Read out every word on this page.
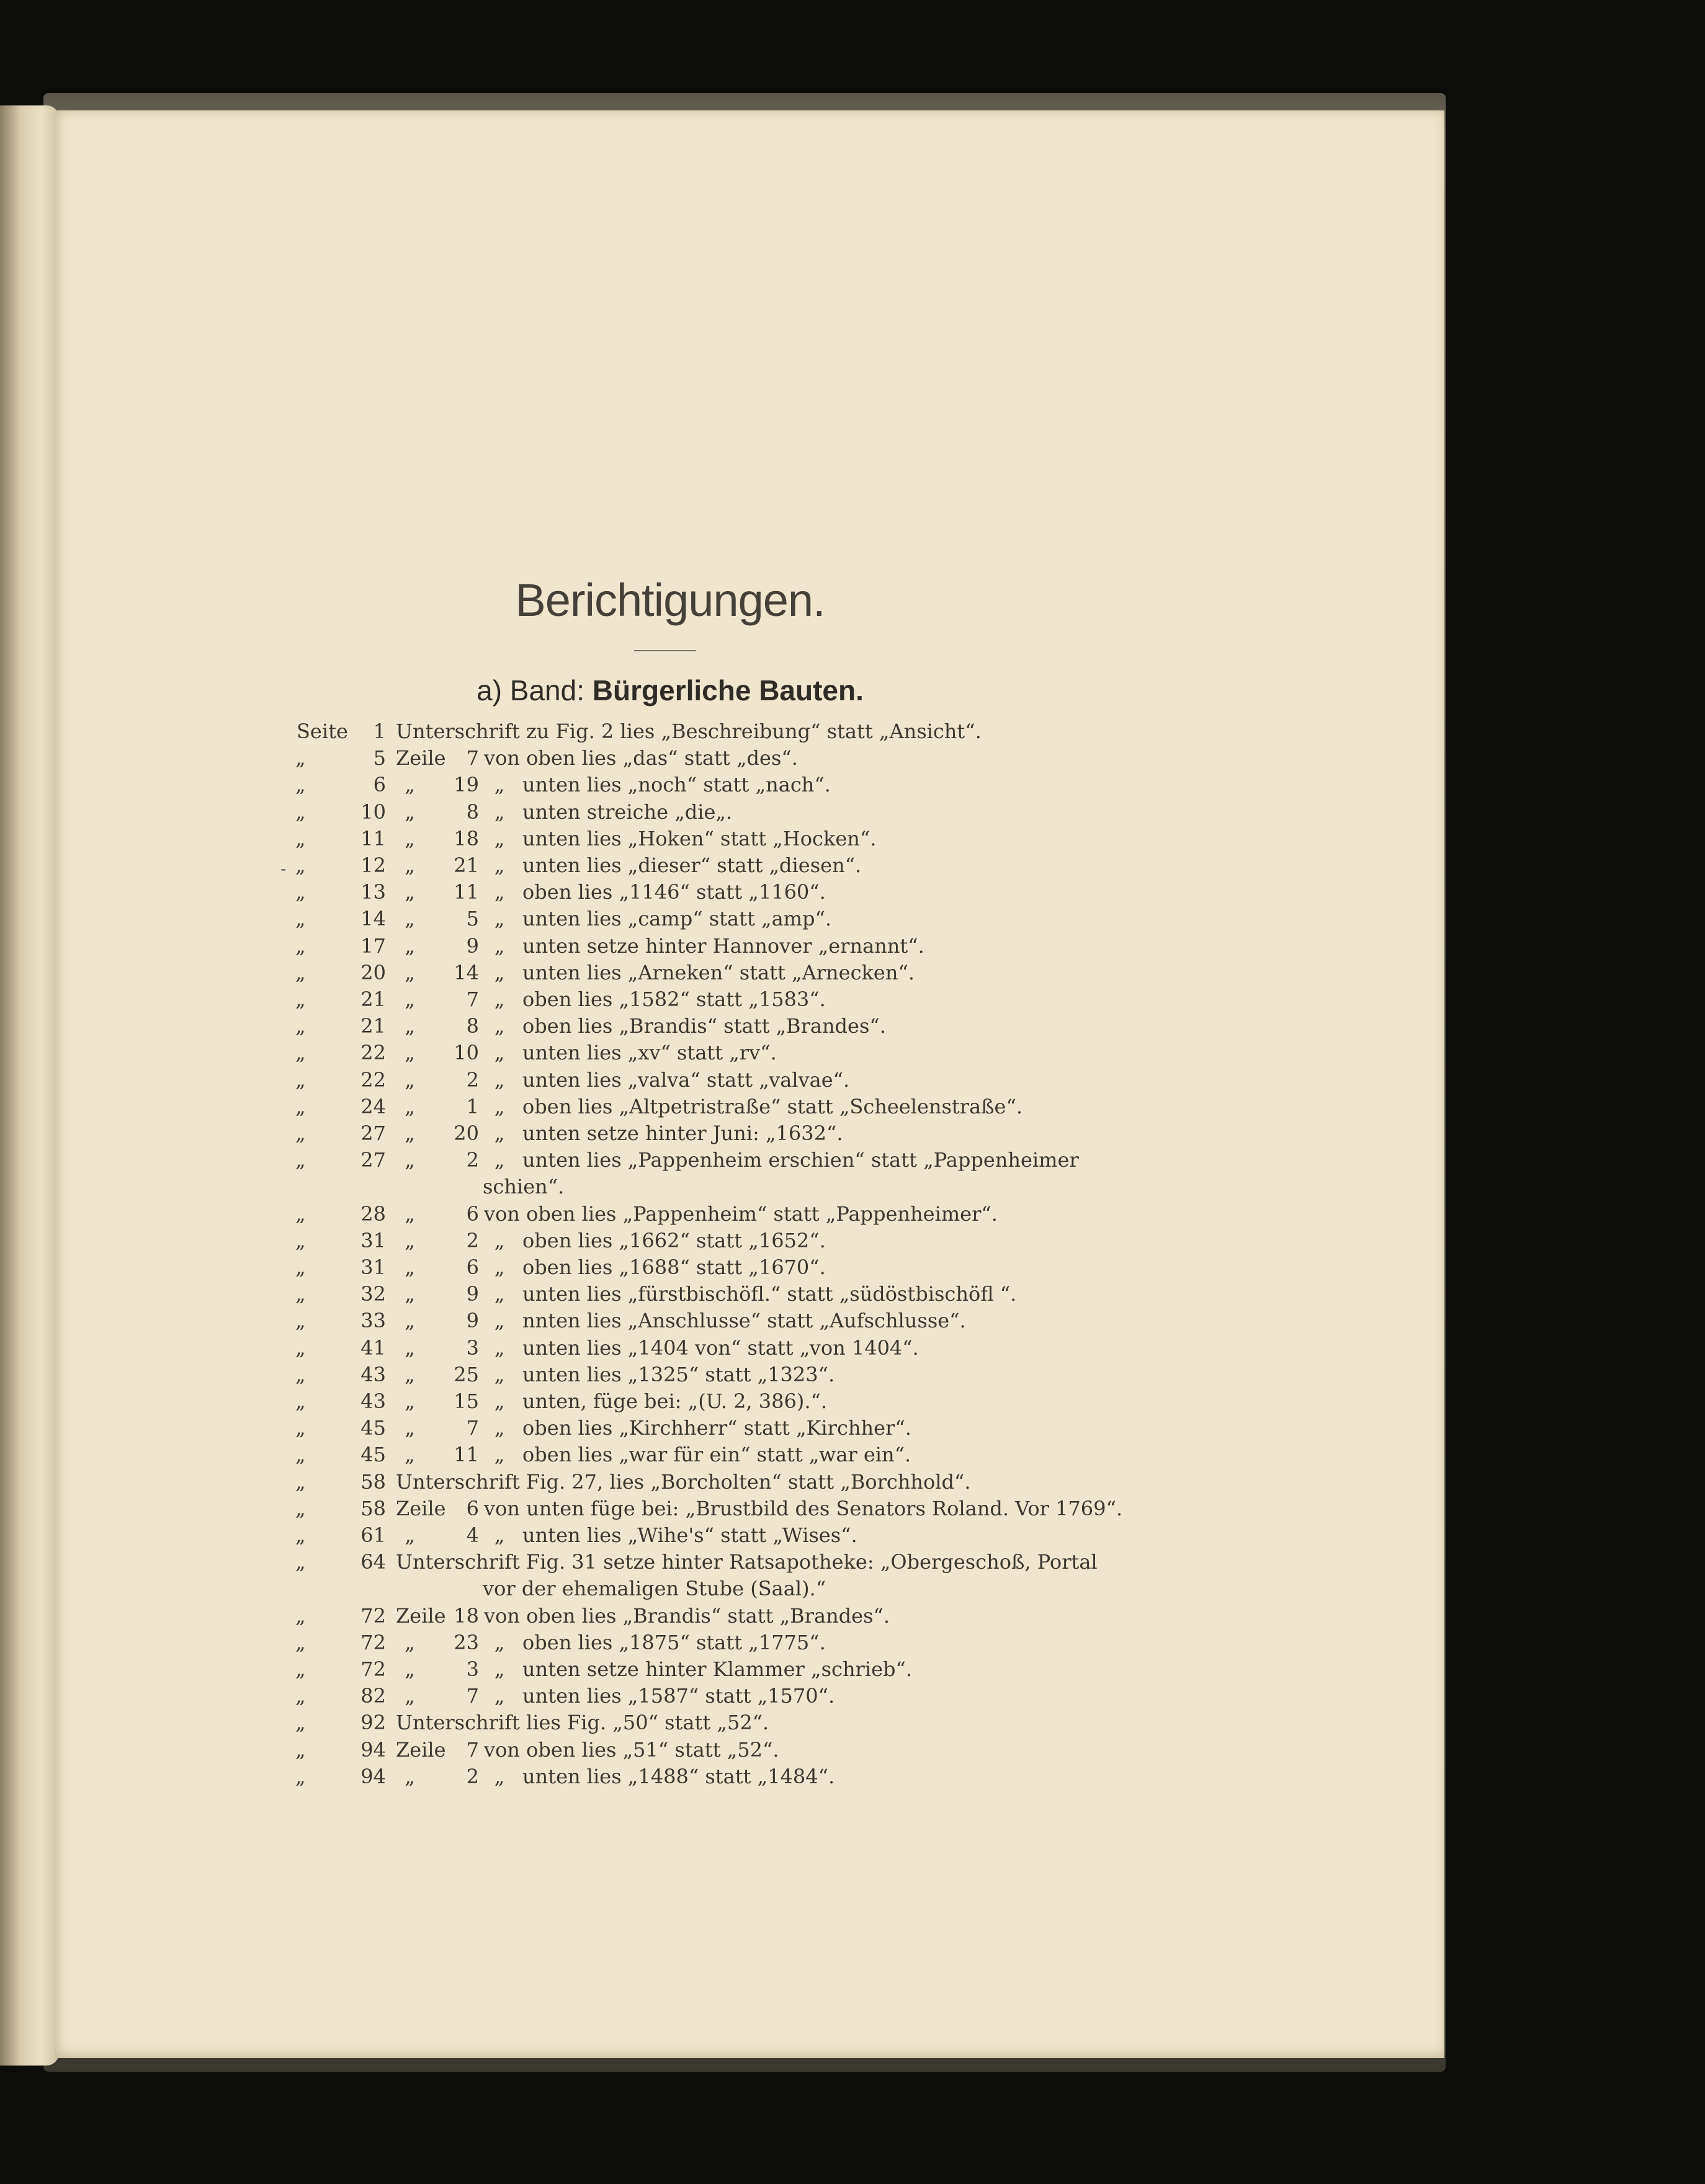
Berichtigungen.
a) Band: Bürgerliche Bauten.
-
Seite	1 Unterschrift zu Fig. 2 lies „Beschreibung“ statt „Ansicht“.
„	5 Zeile	7 von oben lies „das“ statt „des“.
„	6 „	19 „ unten lies „noch“ statt „nach“.
„	10 „	8 „ unten streiche „die„.
„	11 „	18 „ unten lies „Hoken“ statt „Hocken“.
„	12 „	21 „ unten lies „dieser“ statt „diesen“.
„	13 „	11 „ oben lies „1146“ statt „1160“.
„	14 „	5 „ unten lies „camp“ statt „amp“.
„	17 „	9 „ unten setze hinter Hannover „ernannt“.
„	20 „	14 „ unten lies „Arneken“ statt „Arnecken“.
„	21 „	7 „ oben lies „1582“ statt „1583“.
„	21 „	8 „ oben lies „Brandis“ statt „Brandes“.
„	22 „	10 „ unten lies „xv“ statt „rv“.
„	22 „	2 „ unten lies „valva“ statt „valvae“.
„	24 „	1 „ oben lies „Altpetristraße“ statt „Scheelenstraße“.
„	27 „	20 „ unten setze hinter Juni: „1632“.
„	27 „	2 „ unten lies „Pappenheim erschien“ statt „Pappenheimer
schien“.
„	28 „	6 von oben lies „Pappenheim“ statt „Pappenheimer“.
„	31 „	2 „ oben lies „1662“ statt „1652“.
„	31 „	6 „ oben lies „1688“ statt „1670“.
„	32 „	9 „ unten lies „fürstbischöfl.“ statt „südöstbischöfl “.
„	33 „	9 „ nnten lies „Anschlusse“ statt „Aufschlusse“.
„	41 „	3 „ unten lies „1404 von“ statt „von 1404“.
„	43 „	25 „ unten lies „1325“ statt „1323“.
„	43 „	15 „ unten, füge bei: „(U. 2, 386).“.
„	45 „	7 „ oben lies „Kirchherr“ statt „Kirchher“.
„	45 „	11 „ oben lies „war für ein“ statt „war ein“.
„	58 Unterschrift Fig. 27, lies „Borcholten“ statt „Borchhold“.
„	58 Zeile	6 von unten füge bei: „Brustbild des Senators Roland. Vor 1769“.
„	61 „	4 „ unten lies „Wihe's“ statt „Wises“.
„	64 Unterschrift Fig. 31 setze hinter Ratsapotheke: „Obergeschoß, Portal
vor der ehemaligen Stube (Saal).“
„	72 Zeile 18 von oben lies „Brandis“ statt „Brandes“.
„	72 „	23 „ oben lies „1875“ statt „1775“.
„	72 „	3 „ unten setze hinter Klammer „schrieb“.
„	82 „	7 „ unten lies „1587“ statt „1570“.
„	92 Unterschrift lies Fig. „50“ statt „52“.
„	94 Zeile	7 von oben lies „51“ statt „52“.
„	94 „	2 „ unten lies „1488“ statt „1484“.
